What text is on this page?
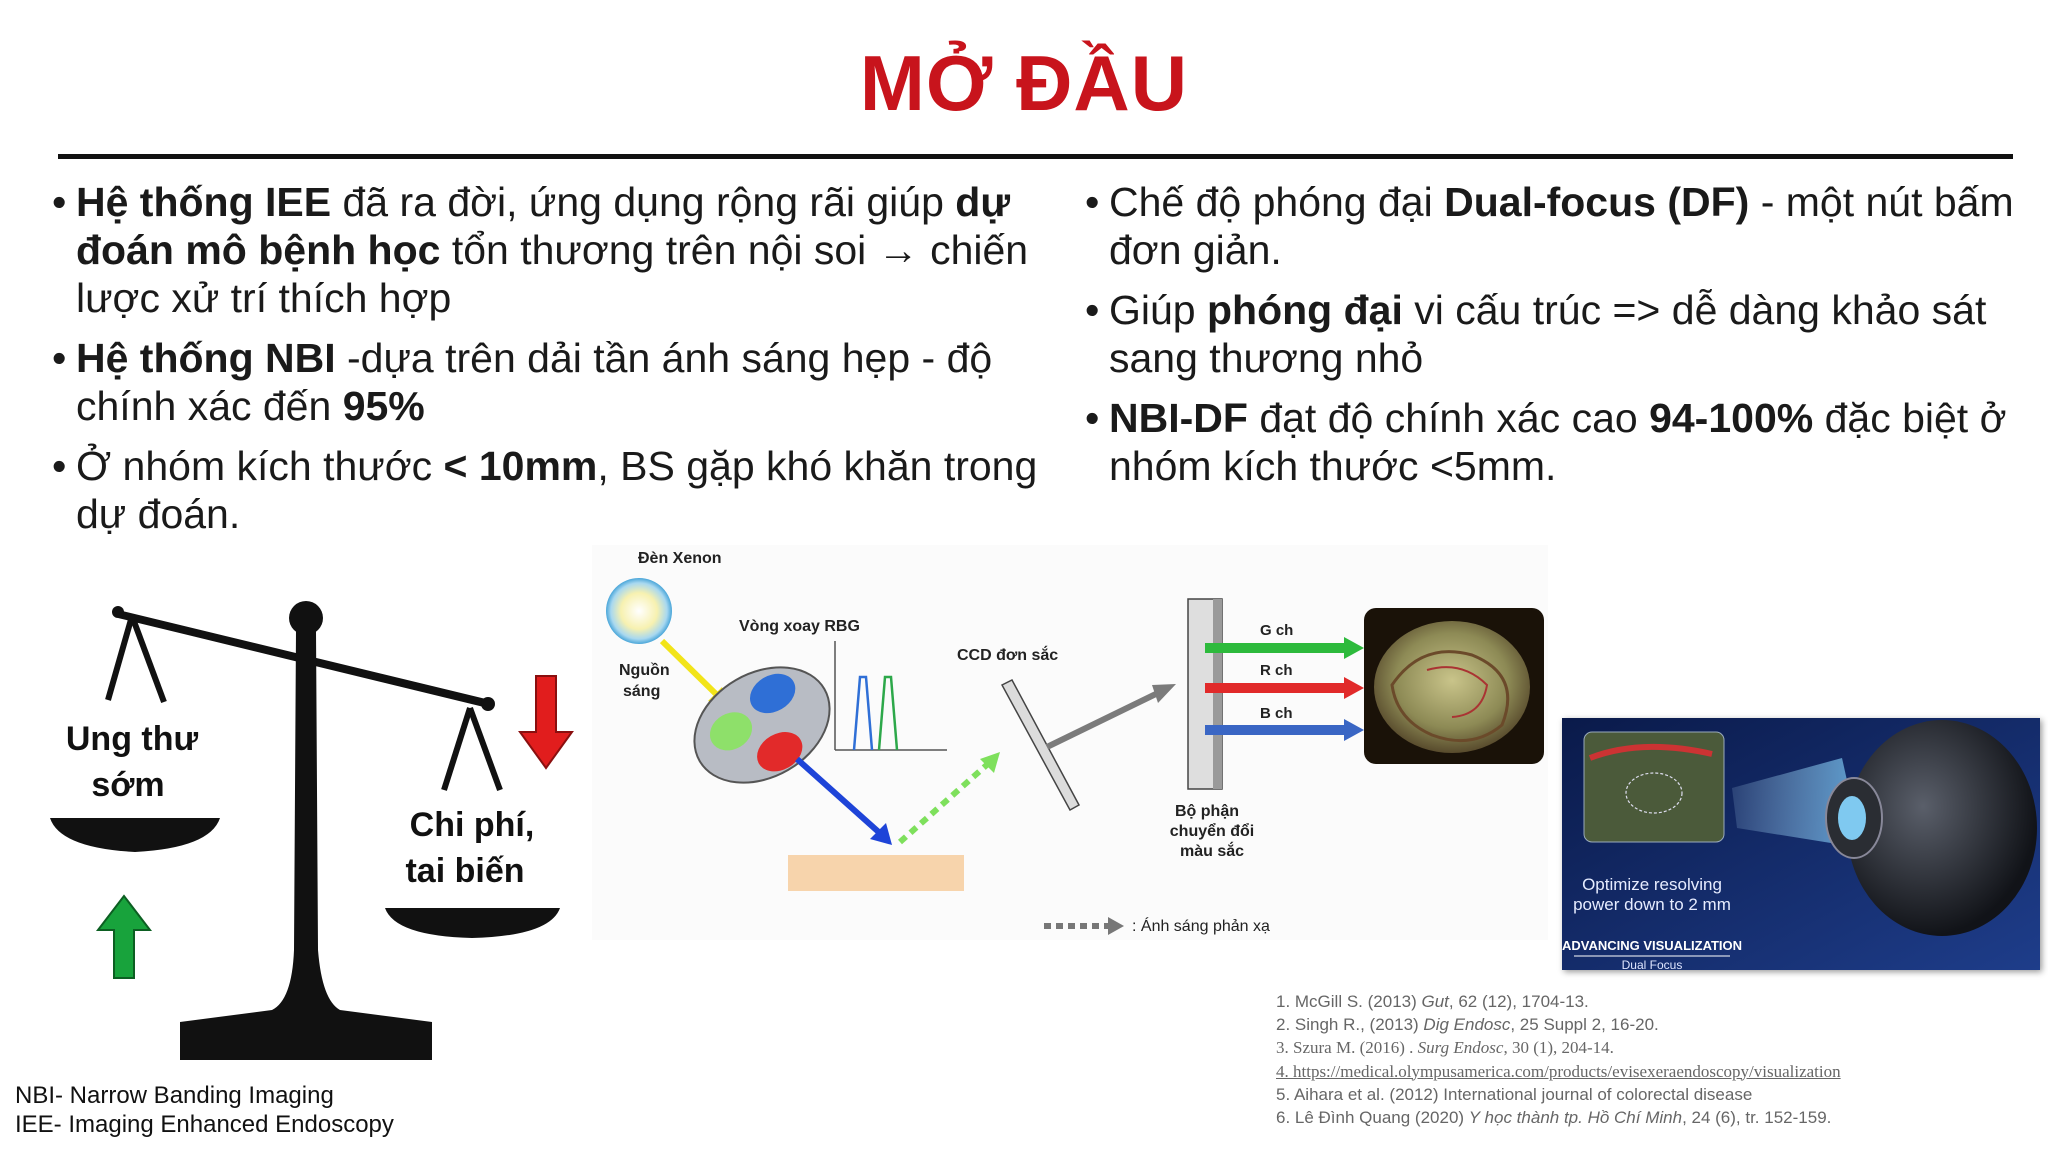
MỞ ĐẦU
• Hệ thống IEE đã ra đời, ứng dụng rộng rãi giúp dự đoán mô bệnh học tổn thương trên nội soi → chiến lược xử trí thích hợp
• Hệ thống NBI -dựa trên dải tần ánh sáng hẹp - độ chính xác đến 95%
• Ở nhóm kích thước < 10mm, BS gặp khó khăn trong dự đoán.
• Chế độ phóng đại Dual-focus (DF) - một nút bấm đơn giản.
• Giúp phóng đại vi cấu trúc => dễ dàng khảo sát sang thương nhỏ
• NBI-DF đạt độ chính xác cao 94-100% đặc biệt ở nhóm kích thước <5mm.
Ung thư
sớm
Chi phí,
tai biến
Đèn Xenon
Nguồn
sáng
Vòng xoay RBG
CCD đơn sắc
G ch
R ch
B ch
Bộ phận
chuyển đổi
màu sắc
: Ánh sáng phản xạ
Optimize resolving
power down to 2 mm
ADVANCING VISUALIZATION
Dual Focus
NBI- Narrow Banding Imaging
IEE- Imaging Enhanced Endoscopy
1. McGill S. (2013) Gut, 62 (12), 1704-13.
2. Singh R., (2013) Dig Endosc, 25 Suppl 2, 16-20.
3. Szura M. (2016) . Surg Endosc, 30 (1), 204-14.
4. https://medical.olympusamerica.com/products/evisexeraendoscopy/visualization
5. Aihara et al. (2012) International journal of colorectal disease
6. Lê Đình Quang (2020) Y học thành tp. Hồ Chí Minh, 24 (6), tr. 152-159.
